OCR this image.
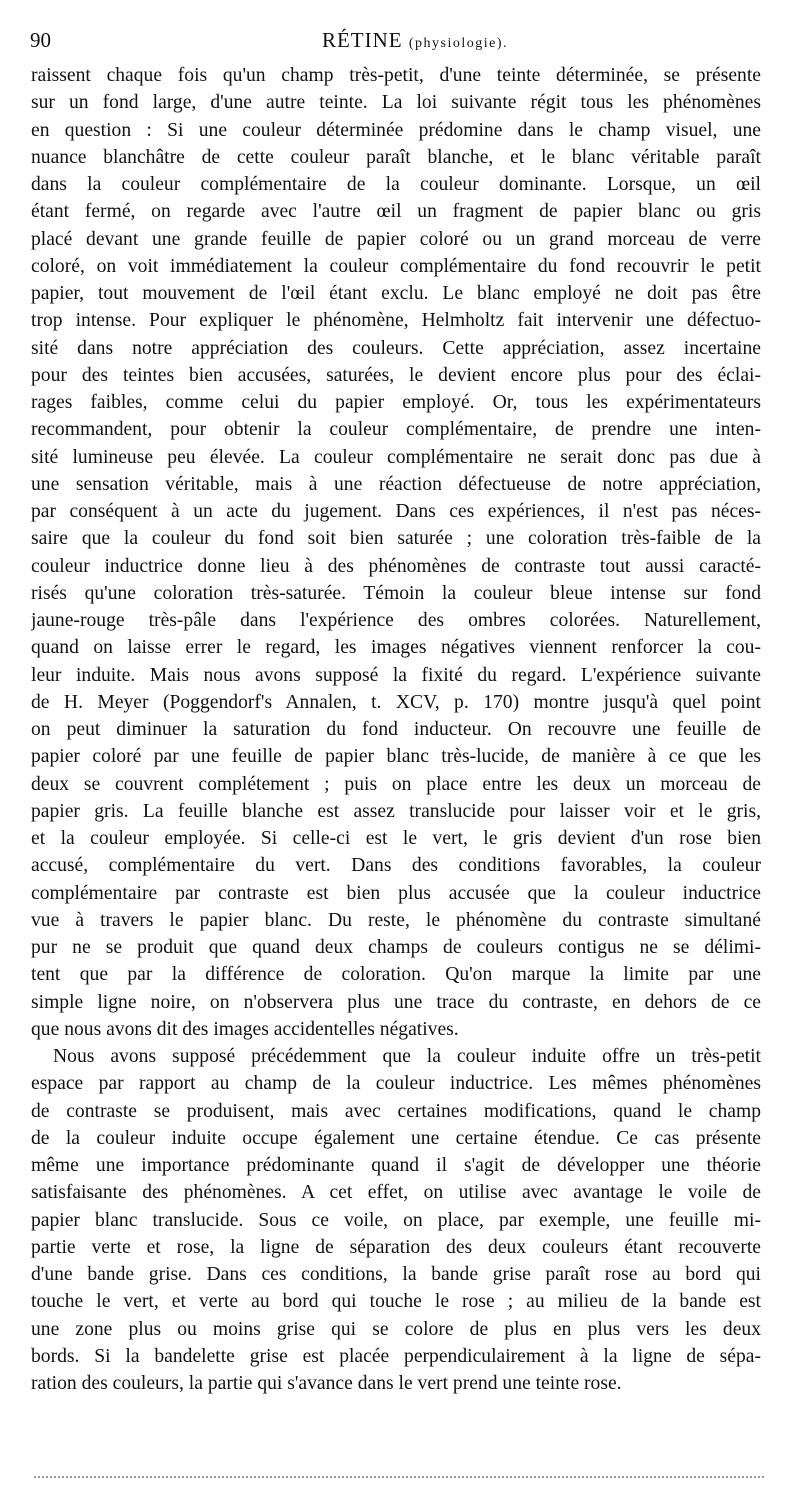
90	RÉTINE (physiologie).
raissent chaque fois qu'un champ très-petit, d'une teinte déterminée, se présente
sur un fond large, d'une autre teinte. La loi suivante régit tous les phénomènes
en question : Si une couleur déterminée prédomine dans le champ visuel, une
nuance blanchâtre de cette couleur paraît blanche, et le blanc véritable paraît
dans la couleur complémentaire de la couleur dominante. Lorsque, un œil
étant fermé, on regarde avec l'autre œil un fragment de papier blanc ou gris
placé devant une grande feuille de papier coloré ou un grand morceau de verre
coloré, on voit immédiatement la couleur complémentaire du fond recouvrir le petit
papier, tout mouvement de l'œil étant exclu. Le blanc employé ne doit pas être
trop intense. Pour expliquer le phénomène, Helmholtz fait intervenir une défectuo-
sité dans notre appréciation des couleurs. Cette appréciation, assez incertaine
pour des teintes bien accusées, saturées, le devient encore plus pour des éclai-
rages faibles, comme celui du papier employé. Or, tous les expérimentateurs
recommandent, pour obtenir la couleur complémentaire, de prendre une inten-
sité lumineuse peu élevée. La couleur complémentaire ne serait donc pas due à
une sensation véritable, mais à une réaction défectueuse de notre appréciation,
par conséquent à un acte du jugement. Dans ces expériences, il n'est pas néces-
saire que la couleur du fond soit bien saturée ; une coloration très-faible de la
couleur inductrice donne lieu à des phénomènes de contraste tout aussi caracté-
risés qu'une coloration très-saturée. Témoin la couleur bleue intense sur fond
jaune-rouge très-pâle dans l'expérience des ombres colorées. Naturellement,
quand on laisse errer le regard, les images négatives viennent renforcer la cou-
leur induite. Mais nous avons supposé la fixité du regard. L'expérience suivante
de H. Meyer (Poggendorf's Annalen, t. XCV, p. 170) montre jusqu'à quel point
on peut diminuer la saturation du fond inducteur. On recouvre une feuille de
papier coloré par une feuille de papier blanc très-lucide, de manière à ce que les
deux se couvrent complétement ; puis on place entre les deux un morceau de
papier gris. La feuille blanche est assez translucide pour laisser voir et le gris,
et la couleur employée. Si celle-ci est le vert, le gris devient d'un rose bien
accusé, complémentaire du vert. Dans des conditions favorables, la couleur
complémentaire par contraste est bien plus accusée que la couleur inductrice
vue à travers le papier blanc. Du reste, le phénomène du contraste simultané
pur ne se produit que quand deux champs de couleurs contigus ne se délimi-
tent que par la différence de coloration. Qu'on marque la limite par une
simple ligne noire, on n'observera plus une trace du contraste, en dehors de ce
que nous avons dit des images accidentelles négatives.
Nous avons supposé précédemment que la couleur induite offre un très-petit
espace par rapport au champ de la couleur inductrice. Les mêmes phénomènes
de contraste se produisent, mais avec certaines modifications, quand le champ
de la couleur induite occupe également une certaine étendue. Ce cas présente
même une importance prédominante quand il s'agit de développer une théorie
satisfaisante des phénomènes. A cet effet, on utilise avec avantage le voile de
papier blanc translucide. Sous ce voile, on place, par exemple, une feuille mi-
partie verte et rose, la ligne de séparation des deux couleurs étant recouverte
d'une bande grise. Dans ces conditions, la bande grise paraît rose au bord qui
touche le vert, et verte au bord qui touche le rose ; au milieu de la bande est
une zone plus ou moins grise qui se colore de plus en plus vers les deux
bords. Si la bandelette grise est placée perpendiculairement à la ligne de sépa-
ration des couleurs, la partie qui s'avance dans le vert prend une teinte rose.
